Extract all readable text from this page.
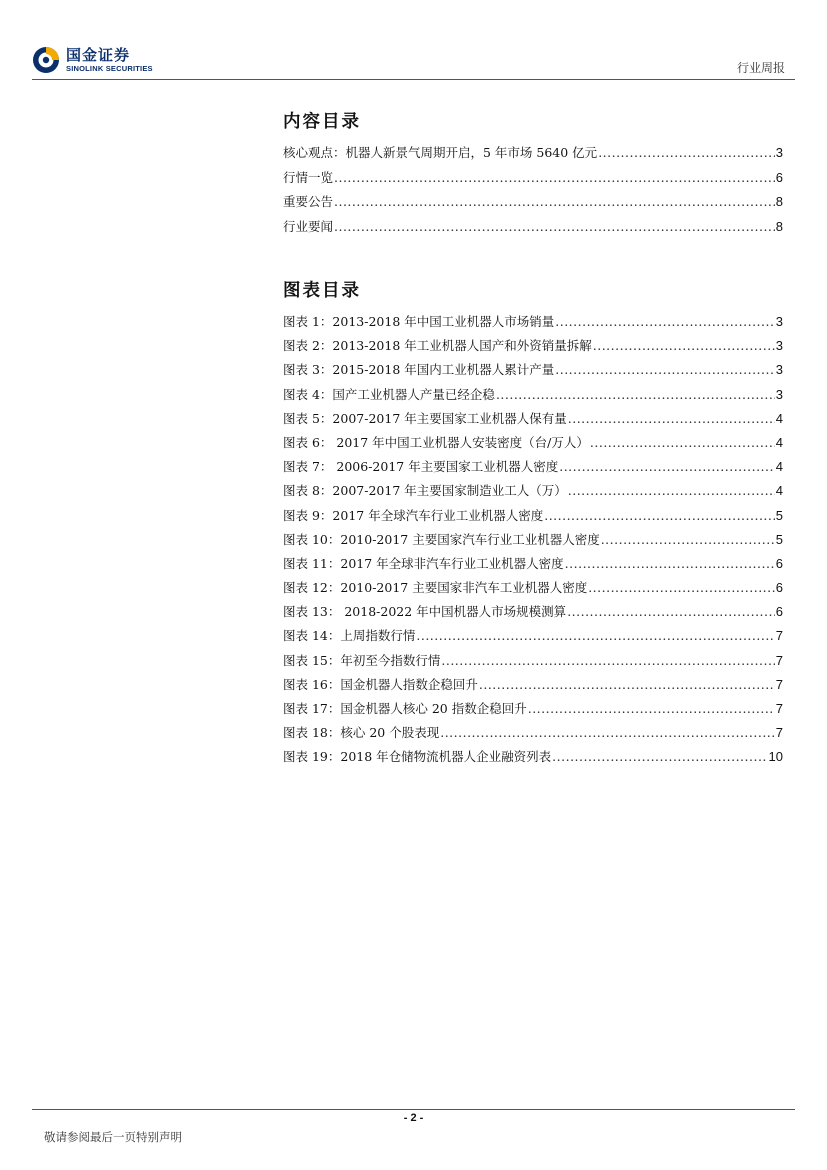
国金证券
SINOLINK SECURITIES	行业周报
内容目录
核心观点：机器人新景气周期开启，5 年市场 5640 亿元 .....	3
行情一览 .....	6
重要公告 .....	8
行业要闻 .....	8
图表目录
图表 1：2013-2018 年中国工业机器人市场销量 .....	3
图表 2：2013-2018 年工业机器人国产和外资销量拆解 .....	3
图表 3：2015-2018 年国内工业机器人累计产量 .....	3
图表 4：国产工业机器人产量已经企稳 .....	3
图表 5：2007-2017 年主要国家工业机器人保有量 .....	4
图表 6： 2017 年中国工业机器人安装密度（台/万人） .....	4
图表 7： 2006-2017 年主要国家工业机器人密度 .....	4
图表 8：2007-2017 年主要国家制造业工人（万） .....	4
图表 9：2017 年全球汽车行业工业机器人密度 .....	5
图表 10：2010-2017 主要国家汽车行业工业机器人密度 .....	5
图表 11：2017 年全球非汽车行业工业机器人密度 .....	6
图表 12：2010-2017 主要国家非汽车工业机器人密度 .....	6
图表 13： 2018-2022 年中国机器人市场规模测算 .....	6
图表 14：上周指数行情 .....	7
图表 15：年初至今指数行情 .....	7
图表 16：国金机器人指数企稳回升 .....	7
图表 17：国金机器人核心 20 指数企稳回升 .....	7
图表 18：核心 20 个股表现 .....	7
图表 19：2018 年仓储物流机器人企业融资列表 .....	10
- 2 -
敬请参阅最后一页特别声明
